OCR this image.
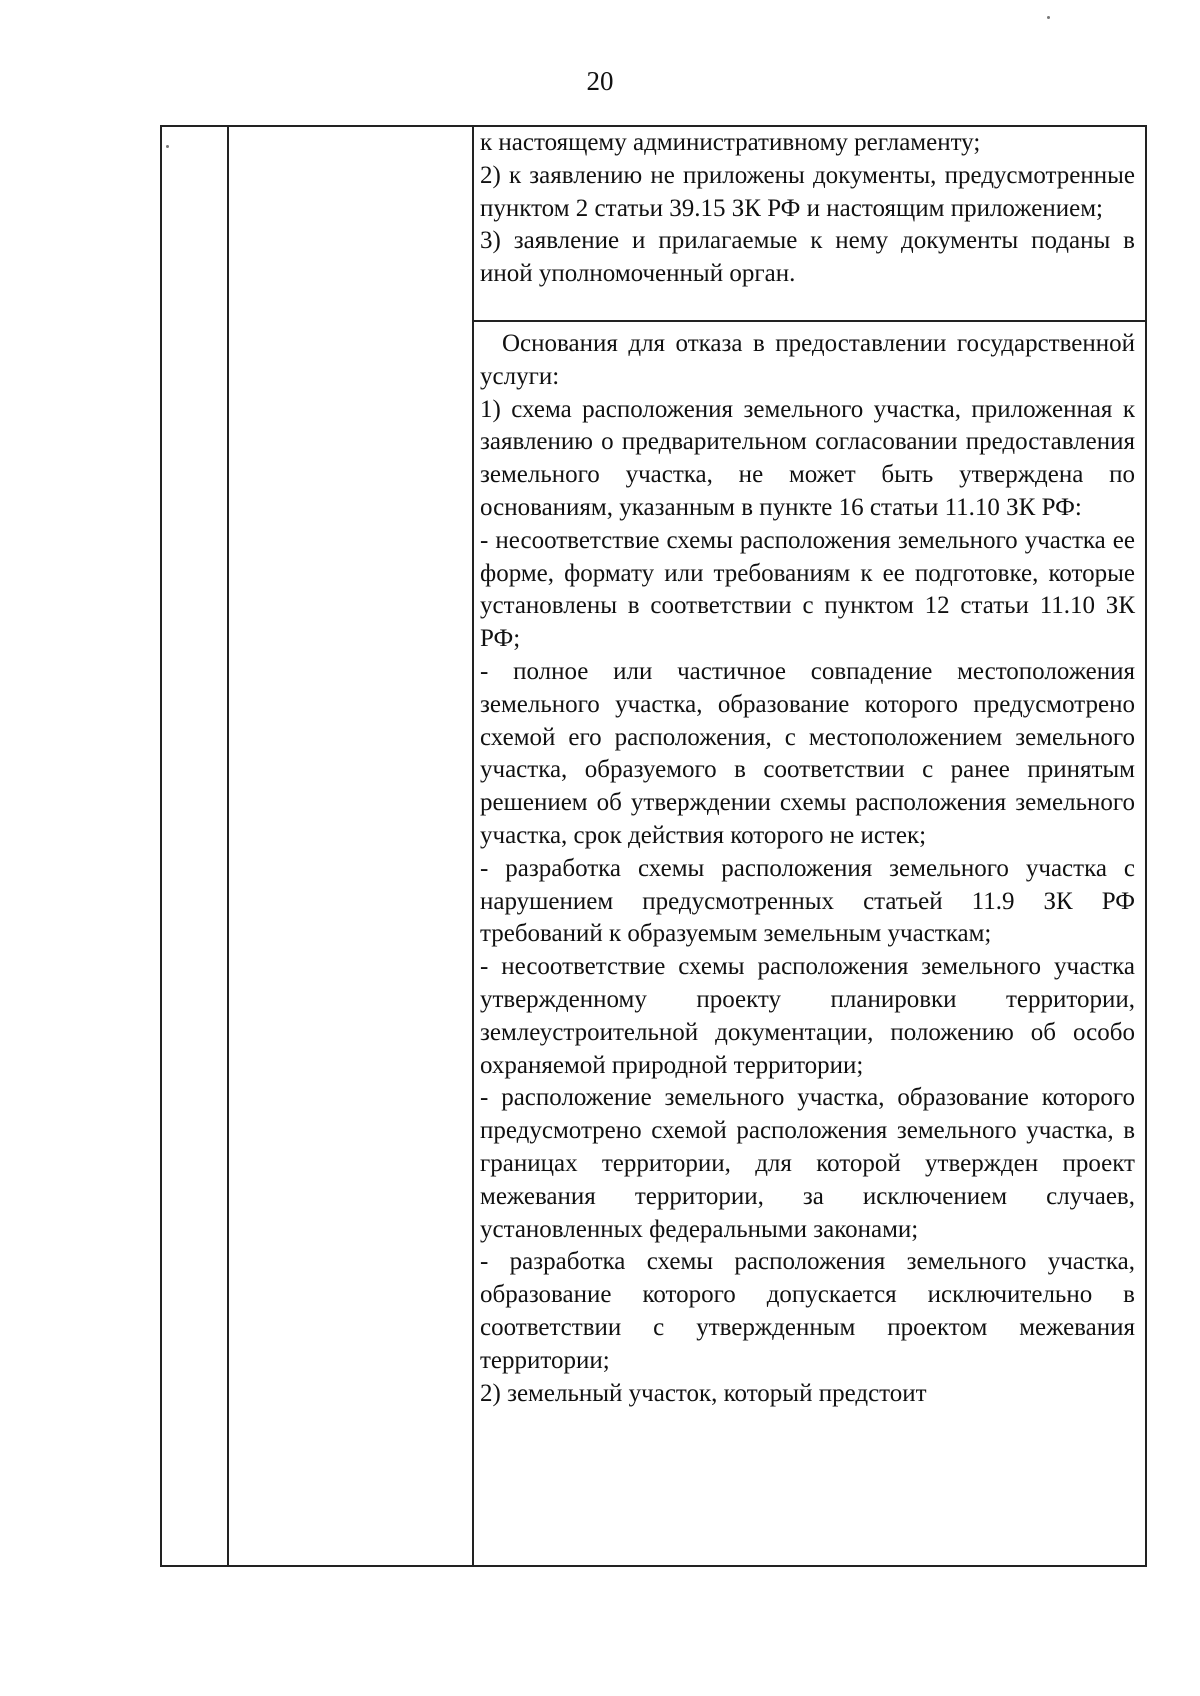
20

к настоящему административному регламенту;

2) к заявлению не приложены документы, предусмотренные пунктом 2 статьи 39.15 ЗК РФ и настоящим приложением;

3) заявление и прилагаемые к нему документы поданы в иной уполномоченный орган.

Основания для отказа в предоставлении государственной услуги:

1) схема расположения земельного участка, приложенная к заявлению о предварительном согласовании предоставления земельного участка, не может быть утверждена по основаниям, указанным в пункте 16 статьи 11.10 ЗК РФ:

- несоответствие схемы расположения земельного участка ее форме, формату или требованиям к ее подготовке, которые установлены в соответствии с пунктом 12 статьи 11.10 ЗК РФ;

- полное или частичное совпадение местоположения земельного участка, образование которого предусмотрено схемой его расположения, с местоположением земельного участка, образуемого в соответствии с ранее принятым решением об утверждении схемы расположения земельного участка, срок действия которого не истек;

- разработка схемы расположения земельного участка с нарушением предусмотренных статьей 11.9 ЗК РФ требований к образуемым земельным участкам;

- несоответствие схемы расположения земельного участка утвержденному проекту планировки территории, землеустроительной документации, положению об особо охраняемой природной территории;

- расположение земельного участка, образование которого предусмотрено схемой расположения земельного участка, в границах территории, для которой утвержден проект межевания территории, за исключением случаев, установленных федеральными законами;

- разработка схемы расположения земельного участка, образование которого допускается исключительно в соответствии с утвержденным проектом межевания территории;

2) земельный участок, который предстоит
